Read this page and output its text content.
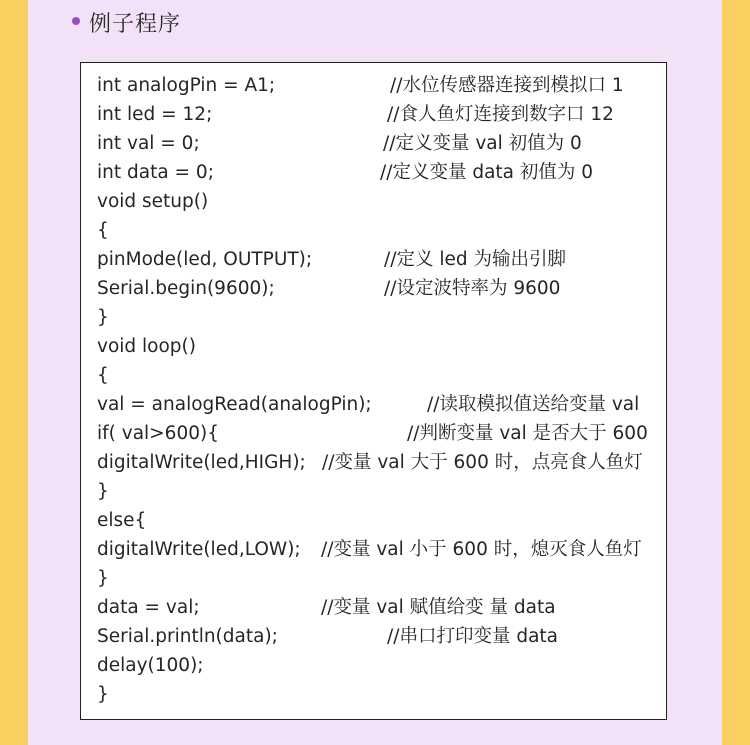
例子程序
int analogPin = A1;	//水位传感器连接到模拟口 1
int led = 12;	//食人鱼灯连接到数字口 12
int val = 0;	//定义变量 val 初值为 0
int data = 0;	//定义变量 data 初值为 0
void setup()
{
pinMode(led, OUTPUT);	//定义 led 为输出引脚
Serial.begin(9600);	//设定波特率为 9600
}
void loop()
{
val = analogRead(analogPin);	//读取模拟值送给变量 val
if( val>600){	//判断变量 val 是否大于 600
digitalWrite(led,HIGH); //变量 val 大于 600 时，点亮食人鱼灯
}
else{
digitalWrite(led,LOW); //变量 val 小于 600 时，熄灭食人鱼灯
}
data = val;	//变量 val 赋值给变 量 data
Serial.println(data);	//串口打印变量 data
delay(100);
}
